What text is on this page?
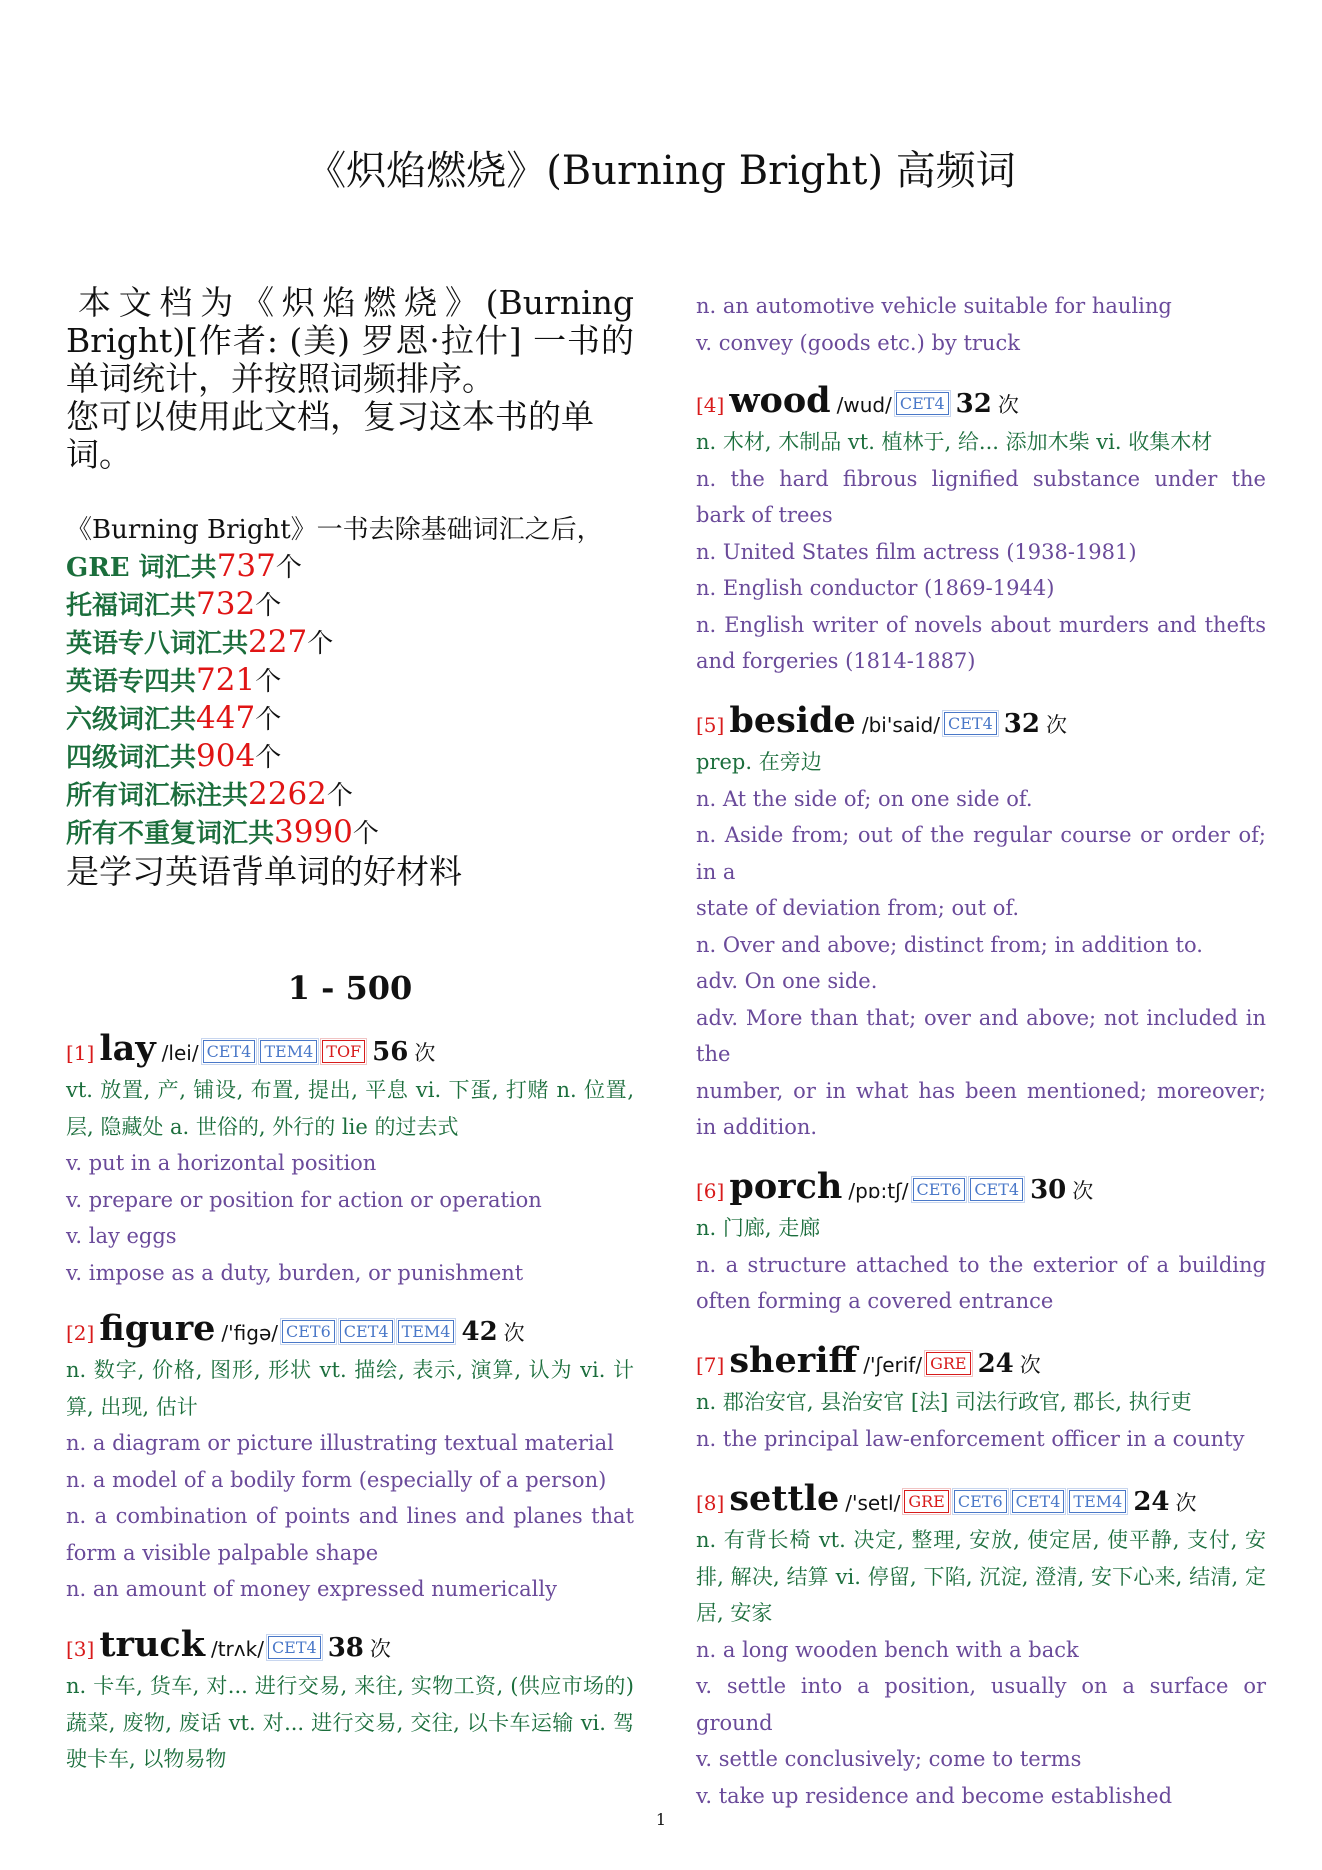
《炽焰燃烧》(Burning Bright) 高频词

本文档为《炽焰燃烧》(Burning Bright)[作者: (美) 罗恩·拉什] 一书的单词统计，并按照词频排序。

您可以使用此文档，复习这本书的单词。

《Burning Bright》一书去除基础词汇之后，
GRE 词汇共737个
托福词汇共732个
英语专八词汇共227个
英语专四共721个
六级词汇共447个
四级词汇共904个
所有词汇标注共2262个
所有不重复词汇共3990个
是学习英语背单词的好材料
1 - 500
[1] lay /lei/ CET4 TEM4 TOF 56 次
vt. 放置, 产, 铺设, 布置, 提出, 平息 vi. 下蛋, 打赌 n. 位置, 层, 隐藏处 a. 世俗的, 外行的 lie 的过去式
v. put in a horizontal position
v. prepare or position for action or operation
v. lay eggs
v. impose as a duty, burden, or punishment
[2] figure /'figə/ CET6 CET4 TEM4 42 次
n. 数字, 价格, 图形, 形状 vt. 描绘, 表示, 演算, 认为 vi. 计算, 出现, 估计
n. a diagram or picture illustrating textual material
n. a model of a bodily form (especially of a person)
n. a combination of points and lines and planes that form a visible palpable shape
n. an amount of money expressed numerically
[3] truck /trʌk/ CET4 38 次
n. 卡车, 货车, 对... 进行交易, 来往, 实物工资, (供应市场的) 蔬菜, 废物, 废话 vt. 对... 进行交易, 交往, 以卡车运输 vi. 驾驶卡车, 以物易物
n. an automotive vehicle suitable for hauling
v. convey (goods etc.) by truck
[4] wood /wud/ CET4 32 次
n. 木材, 木制品 vt. 植林于, 给... 添加木柴 vi. 收集木材
n. the hard fibrous lignified substance under the bark of trees
n. United States film actress (1938-1981)
n. English conductor (1869-1944)
n. English writer of novels about murders and thefts and forgeries (1814-1887)
[5] beside /bi'said/ CET4 32 次
prep. 在旁边
n. At the side of; on one side of.
n. Aside from; out of the regular course or order of; in a
state of deviation from; out of.
n. Over and above; distinct from; in addition to.
adv. On one side.
adv. More than that; over and above; not included in the
number, or in what has been mentioned; moreover; in addition.
[6] porch /pɒ:tʃ/ CET6 CET4 30 次
n. 门廊, 走廊
n. a structure attached to the exterior of a building often forming a covered entrance
[7] sheriff /'ʃerif/ GRE 24 次
n. 郡治安官, 县治安官 [法] 司法行政官, 郡长, 执行吏
n. the principal law-enforcement officer in a county
[8] settle /'setl/ GRE CET6 CET4 TEM4 24 次
n. 有背长椅 vt. 决定, 整理, 安放, 使定居, 使平静, 支付, 安排, 解决, 结算 vi. 停留, 下陷, 沉淀, 澄清, 安下心来, 结清, 定居, 安家
n. a long wooden bench with a back
v. settle into a position, usually on a surface or ground
v. settle conclusively; come to terms
v. take up residence and become established
1
